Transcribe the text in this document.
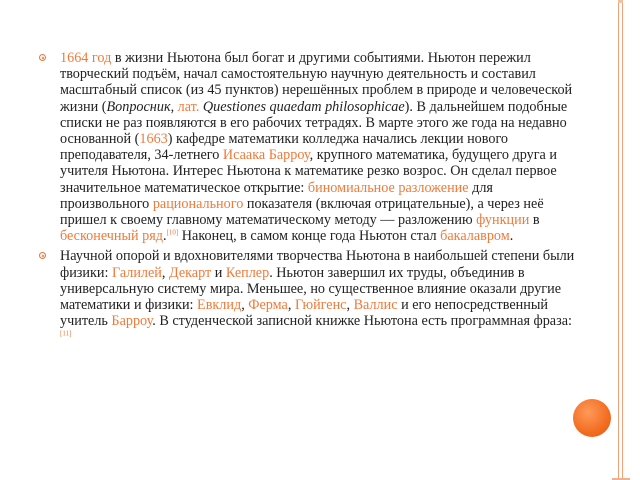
1664 год в жизни Ньютона был богат и другими событиями. Ньютон пережил творческий подъём, начал самостоятельную научную деятельность и составил масштабный список (из 45 пунктов) нерешённых проблем в природе и человеческой жизни (Вопросник, лат. Questiones quaedam philosophicae). В дальнейшем подобные списки не раз появляются в его рабочих тетрадях. В марте этого же года на недавно основанной (1663) кафедре математики колледжа начались лекции нового преподавателя, 34-летнего Исаака Барроу, крупного математика, будущего друга и учителя Ньютона. Интерес Ньютона к математике резко возрос. Он сделал первое значительное математическое открытие: биномиальное разложение для произвольного рационального показателя (включая отрицательные), а через неё пришел к своему главному математическому методу — разложению функции в бесконечный ряд.[10] Наконец, в самом конце года Ньютон стал бакалавром.

Научной опорой и вдохновителями творчества Ньютона в наибольшей степени были физики: Галилей, Декарт и Кеплер. Ньютон завершил их труды, объединив в универсальную систему мира. Меньшее, но существенное влияние оказали другие математики и физики: Евклид, Ферма, Гюйгенс, Валлис и его непосредственный учитель Барроу. В студенческой записной книжке Ньютона есть программная фраза:[11]
